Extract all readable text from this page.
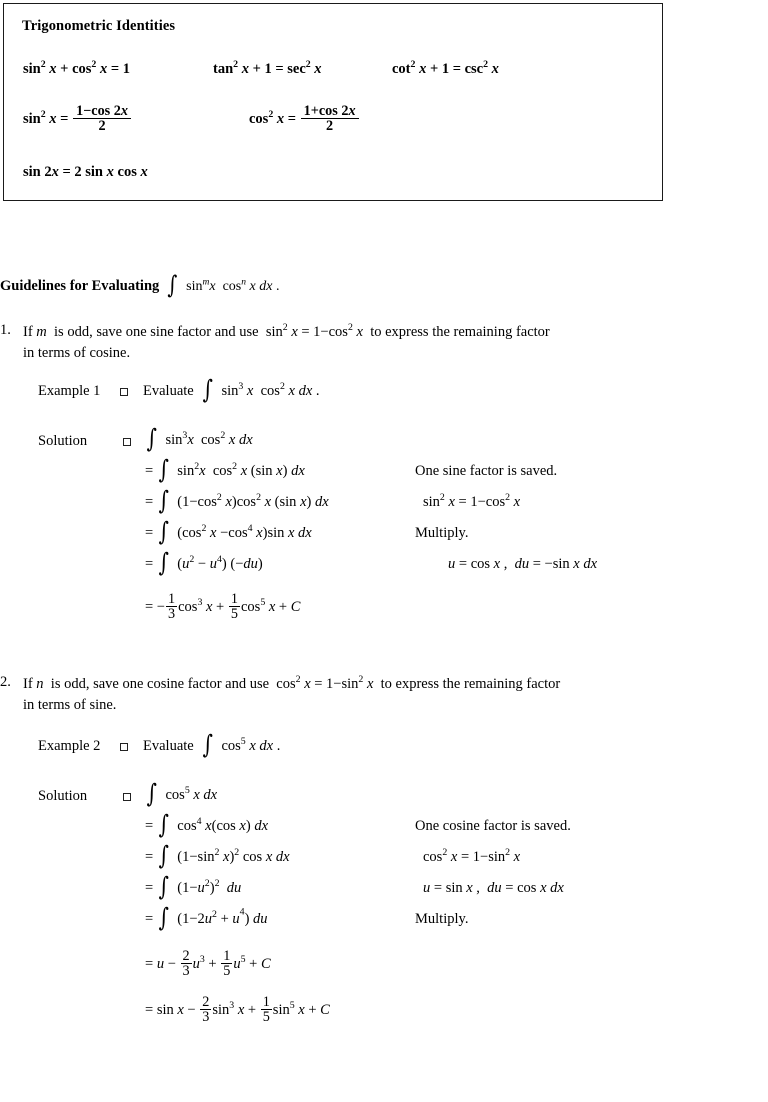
Trigonometric Identities
$\sin^2 x + \cos^2 x = 1$	$\tan^2 x + 1 = \sec^2 x$	$\cot^2 x + 1 = \csc^2 x$
$\sin^2 x = \frac{1-\cos 2x}{2}$	$\cos^2 x = \frac{1+\cos 2x}{2}$
sin 2x = 2 sin x cos x
Guidelines for Evaluating ∫ $\sin^mx$ $\cos^n x$ dx .
1. If m  is odd, save one sine factor and use  $\sin^2 x = 1-\cos^2$ x  to express the remaining factor
in terms of cosine.
Example 1	Evaluate ∫ $\sin^3 x$ $\cos^2 x$ dx .
Solution ∫ $\sin^3x$ $\cos^2 x$ dx
= ∫ $\sin^2x$ $\cos^2 x$ (sin x) dx	One sine factor is saved.
= ∫  ($1-\cos^2$ $x)\cos^2$ x (sin x) dx	$\sin^2 x = 1-\cos^2$ x
= ∫  ($\cos^2$ $x -\cos^4$ x)sin x dx	Multiply.
= ∫  $(u^2 - u^4)$ (−du)	u = cos x ,  du = −sin x dx
= − $\frac{1}{3} \cos^3 x + \frac{1}{5} \cos^5 x + C$
2. If n  is odd, save one cosine factor and use  $\cos^2 x = 1-\sin^2$ x  to express the remaining factor
in terms of sine.
Example 2	Evaluate ∫ $\cos^5 x$ dx .
Solution ∫ $\cos^5 x$ dx
= ∫ $\cos^4 x(\cos$ x) dx	One cosine factor is saved.
= ∫  ($1-\sin^2$ x)$^2$ cos x dx	$\cos^2 x = 1-\sin^2$ x
= ∫  $(1-u^2)^2$ du	u = sin x ,  du = cos x dx
= ∫  $(1-2u^2 + u^4)$ du	Multiply.
= $u - \frac{2}{3} u^3 + \frac{1}{5} u^5 + C$
= $\sin x - \frac{2}{3} \sin^3 x + \frac{1}{5} \sin^5 x + C$
